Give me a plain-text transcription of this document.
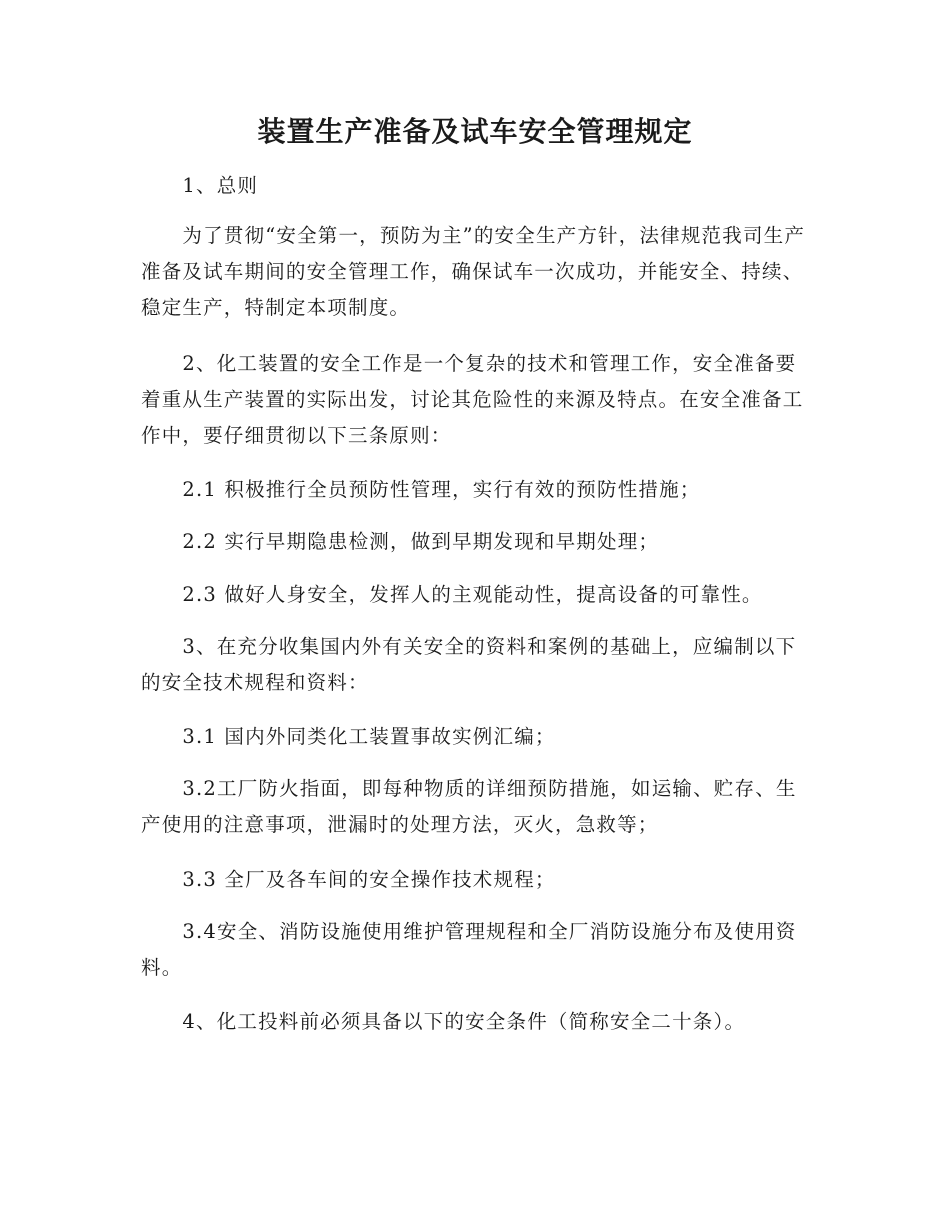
装置生产准备及试车安全管理规定

　　1、总则

　　为了贯彻“安全第一，预防为主”的安全生产方针，法律规范我司生产准备及试车期间的安全管理工作，确保试车一次成功，并能安全、持续、稳定生产，特制定本项制度。

　　2、化工装置的安全工作是一个复杂的技术和管理工作，安全准备要着重从生产装置的实际出发，讨论其危险性的来源及特点。在安全准备工作中，要仔细贯彻以下三条原则：

　　2.1 积极推行全员预防性管理，实行有效的预防性措施；

　　2.2 实行早期隐患检测，做到早期发现和早期处理；

　　2.3 做好人身安全，发挥人的主观能动性，提高设备的可靠性。

　　3、在充分收集国内外有关安全的资料和案例的基础上，应编制以下的安全技术规程和资料：

　　3.1 国内外同类化工装置事故实例汇编；

　　3.2工厂防火指面，即每种物质的详细预防措施，如运输、贮存、生产使用的注意事项，泄漏时的处理方法，灭火，急救等；

　　3.3 全厂及各车间的安全操作技术规程；

　　3.4安全、消防设施使用维护管理规程和全厂消防设施分布及使用资料。

　　4、化工投料前必须具备以下的安全条件（简称安全二十条）。
